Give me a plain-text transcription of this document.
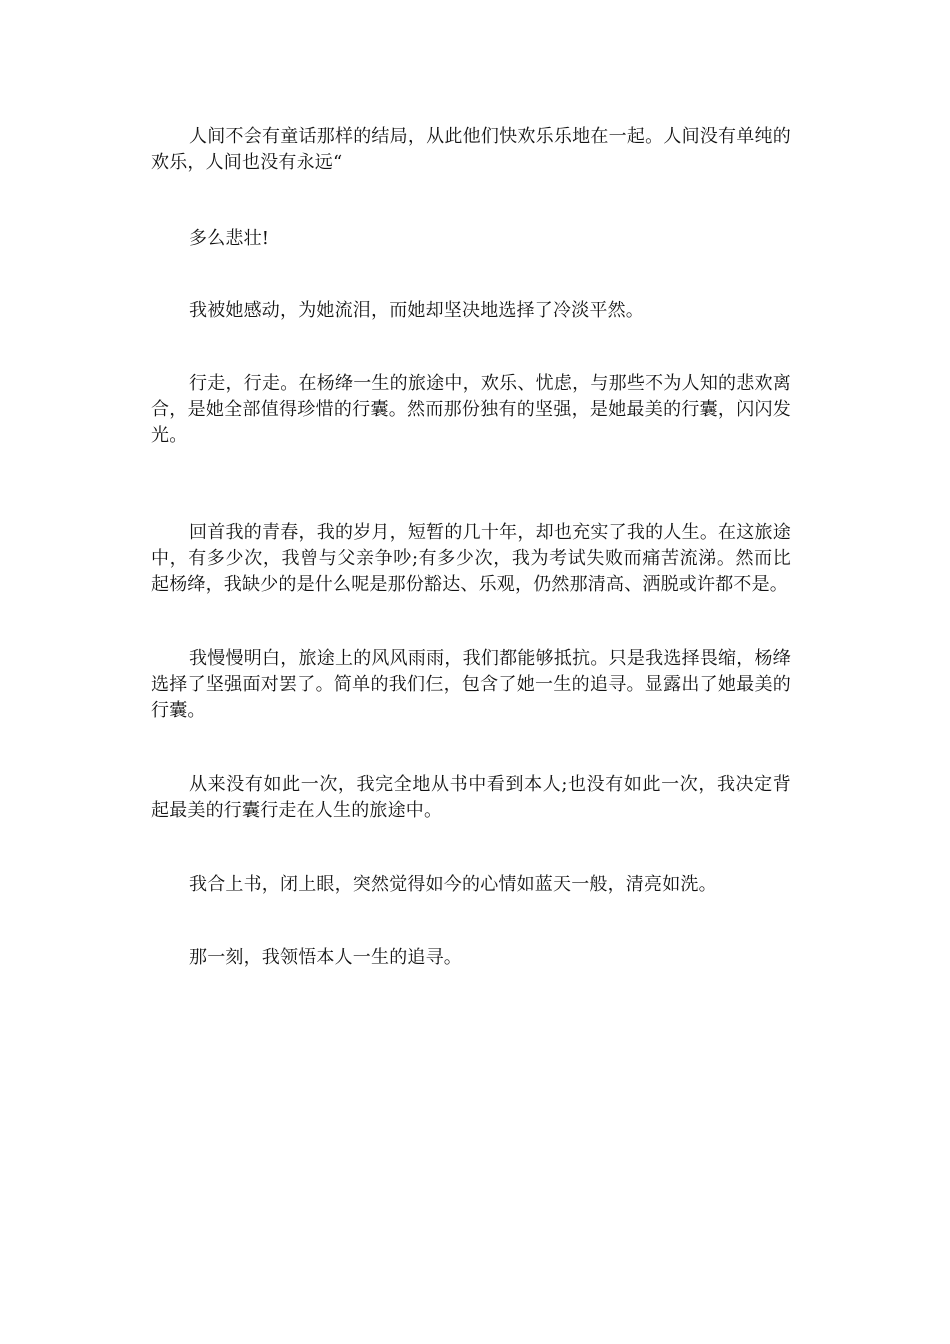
人间不会有童话那样的结局，从此他们快欢乐乐地在一起。人间没有单纯的欢乐，人间也没有永远“

多么悲壮!

我被她感动，为她流泪，而她却坚决地选择了冷淡平然。

行走，行走。在杨绛一生的旅途中，欢乐、忧虑，与那些不为人知的悲欢离合，是她全部值得珍惜的行囊。然而那份独有的坚强，是她最美的行囊，闪闪发光。

回首我的青春，我的岁月，短暂的几十年，却也充实了我的人生。在这旅途中，有多少次，我曾与父亲争吵;有多少次，我为考试失败而痛苦流涕。然而比起杨绛，我缺少的是什么呢是那份豁达、乐观，仍然那清高、洒脱或许都不是。

我慢慢明白，旅途上的风风雨雨，我们都能够抵抗。只是我选择畏缩，杨绛选择了坚强面对罢了。简单的我们仨，包含了她一生的追寻。显露出了她最美的行囊。

从来没有如此一次，我完全地从书中看到本人;也没有如此一次，我决定背起最美的行囊行走在人生的旅途中。

我合上书，闭上眼，突然觉得如今的心情如蓝天一般，清亮如洗。

那一刻，我领悟本人一生的追寻。
